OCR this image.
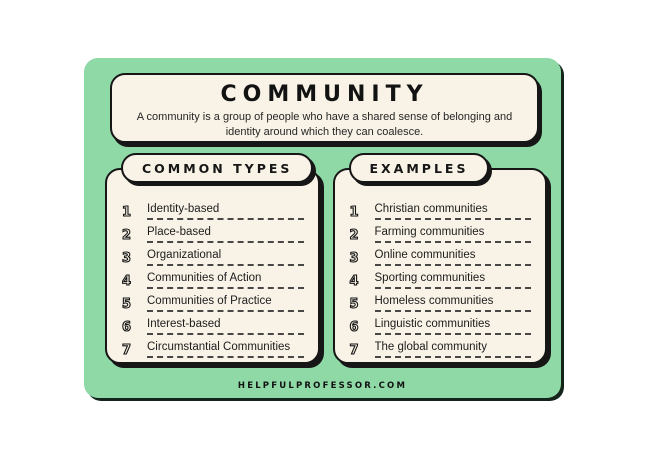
COMMUNITY
A community is a group of people who have a shared sense of belonging and identity around which they can coalesce.
COMMON TYPES
1	Identity-based
2	Place-based
3	Organizational
4	Communities of Action
5	Communities of Practice
6	Interest-based
7	Circumstantial Communities
EXAMPLES
1	Christian communities
2	Farming communities
3	Online communities
4	Sporting communities
5	Homeless communities
6	Linguistic communities
7	The global community
HELPFULPROFESSOR.COM
